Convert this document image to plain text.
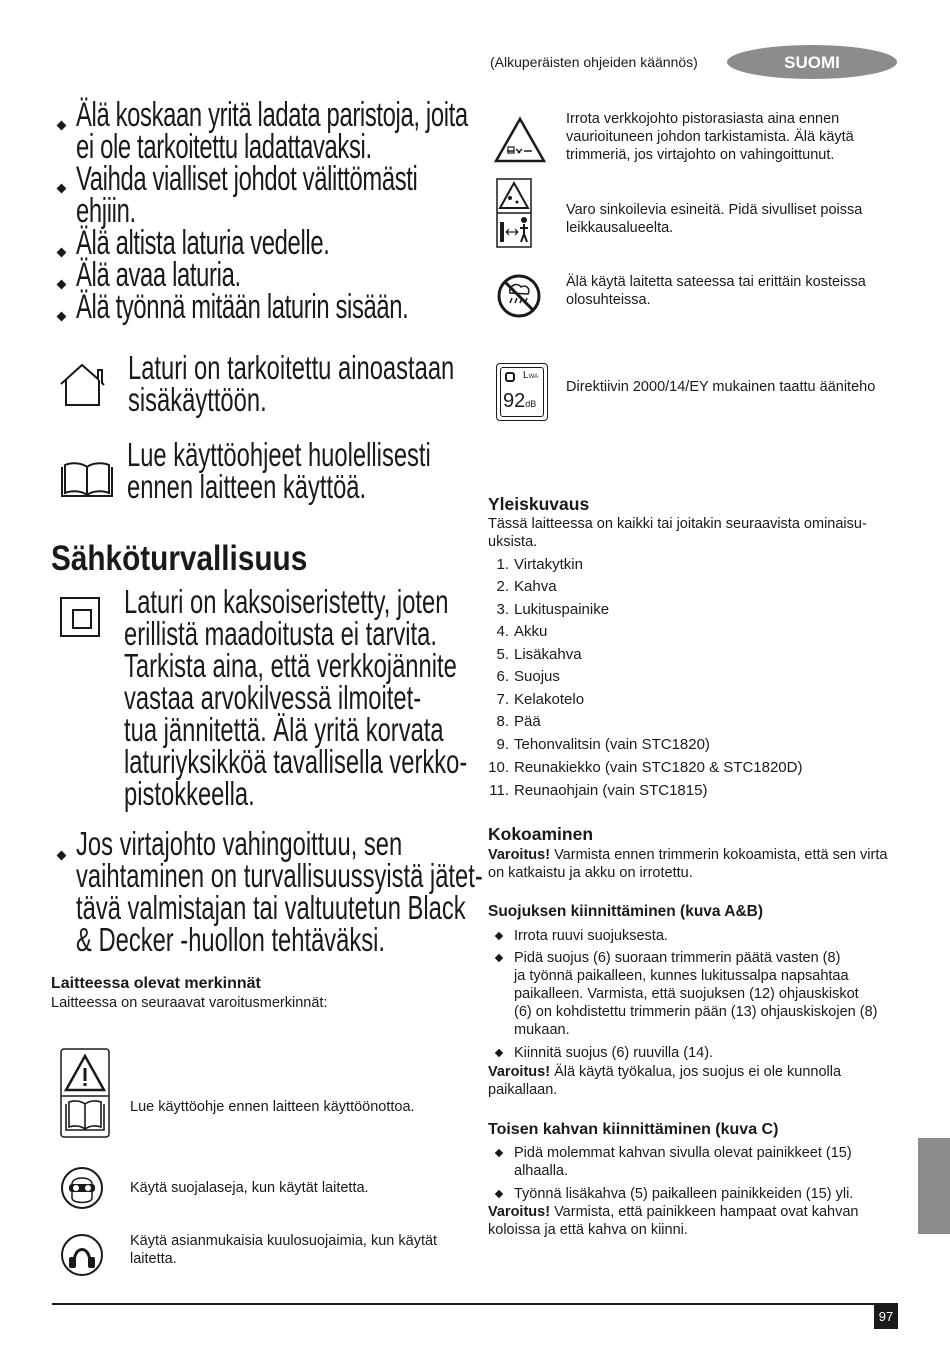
(Alkuperäisten ohjeiden käännös)	SUOMI
Älä koskaan yritä ladata paristoja, joita
ei ole tarkoitettu ladattavaksi.
Vaihda vialliset johdot välittömästi
ehjiin.
Älä altista laturia vedelle.
Älä avaa laturia.
Älä työnnä mitään laturin sisään.
Laturi on tarkoitettu ainoastaan
sisäkäyttöön.
Lue käyttöohjeet huolellisesti
ennen laitteen käyttöä.
Sähköturvallisuus
Laturi on kaksoiseristetty, joten
erillistä maadoitusta ei tarvita.
Tarkista aina, että verkkojännite
vastaa arvokilvessä ilmoitet-
tua jännitettä. Älä yritä korvata
laturiyksikköä tavallisella verkko-
pistokkeella.
Jos virtajohto vahingoittuu, sen
vaihtaminen on turvallisuussyistä jätet-
tävä valmistajan tai valtuutetun Black
& Decker -huollon tehtäväksi.
Laitteessa olevat merkinnät
Laitteessa on seuraavat varoitusmerkinnät:
Lue käyttöohje ennen laitteen käyttöönottoa.
Käytä suojalaseja, kun käytät laitetta.
Käytä asianmukaisia kuulosuojaimia, kun käytät
laitetta.
Irrota verkkojohto pistorasiasta aina ennen
vaurioituneen johdon tarkistamista. Älä käytä
trimmeriä, jos virtajohto on vahingoittunut.
Varo sinkoilevia esineitä. Pidä sivulliset poissa
leikkausalueelta.
Älä käytä laitetta sateessa tai erittäin kosteissa
olosuhteissa.
LWA
92dB
Direktiivin 2000/14/EY mukainen taattu äänitehо
Yleiskuvaus
Tässä laitteessa on kaikki tai joitakin seuraavista ominaisu-
uksista.
1. Virtakytkin
2. Kahva
3. Lukituspainike
4. Akku
5. Lisäkahva
6. Suojus
7. Kelakotelo
8. Pää
9. Tehonvalitsin (vain STC1820)
10. Reunakiekko (vain STC1820 & STC1820D)
11. Reunaohjain (vain STC1815)
Kokoaminen
Varoitus! Varmista ennen trimmerin kokoamista, että sen virta
on katkaistu ja akku on irrotettu.
Suojuksen kiinnittäminen (kuva A&B)
Irrota ruuvi suojuksesta.
Pidä suojus (6) suoraan trimmerin päätä vasten (8)
ja työnnä paikalleen, kunnes lukitussalpa napsahtaa
paikalleen. Varmista, että suojuksen (12) ohjauskiskot
(6) on kohdistettu trimmerin pään (13) ohjauskiskojen (8)
mukaan.
Kiinnitä suojus (6) ruuvilla (14).
Varoitus! Älä käytä työkalua, jos suojus ei ole kunnolla
paikallaan.
Toisen kahvan kiinnittäminen (kuva C)
Pidä molemmat kahvan sivulla olevat painikkeet (15)
alhaalla.
Työnnä lisäkahva (5) paikalleen painikkeiden (15) yli.
Varoitus! Varmista, että painikkeen hampaat ovat kahvan
koloissa ja että kahva on kiinni.
97
